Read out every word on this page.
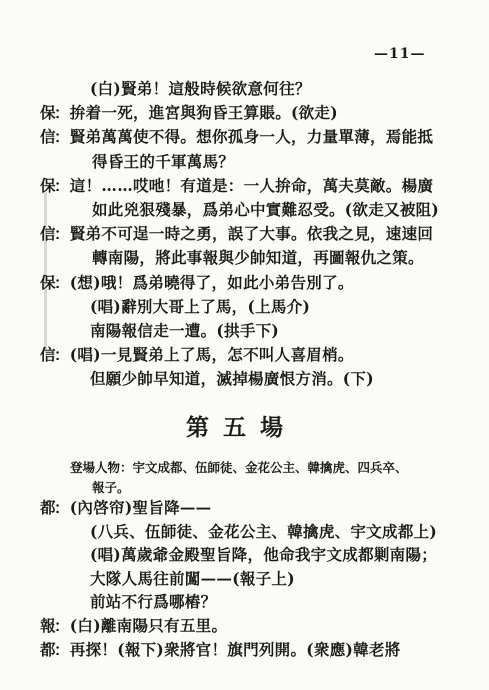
—11—
(白)賢弟！這般時候欲意何往？
保：拚着一死，進宮與狗昏王算賬。(欲走)
信：賢弟萬萬使不得。想你孤身一人，力量單薄，焉能抵
得昏王的千軍萬馬？
保：這！……哎吔！有道是：一人拚命，萬夫莫敵。楊廣
如此兇狠殘暴，爲弟心中實難忍受。(欲走又被阻)
信：賢弟不可逞一時之勇，誤了大事。依我之見，速速回
轉南陽，將此事報與少帥知道，再圖報仇之策。
保：(想)哦！爲弟曉得了，如此小弟告別了。
(唱)辭別大哥上了馬，(上馬介)
南陽報信走一遭。(拱手下)
信：(唱)一見賢弟上了馬，怎不叫人喜眉梢。
但願少帥早知道，滅掉楊廣恨方消。(下)
第五場
登場人物：宇文成都、伍師徒、金花公主、韓擒虎、四兵卒、
報子。
都：(內啓帘)聖旨降——
(八兵、伍師徒、金花公主、韓擒虎、宇文成都上)
(唱)萬歲爺金殿聖旨降，他命我宇文成都剿南陽；
大隊人馬往前闖——(報子上)
前站不行爲哪樁？
報：(白)離南陽只有五里。
都：再探！(報下)衆將官！旗門列開。(衆應)韓老將
